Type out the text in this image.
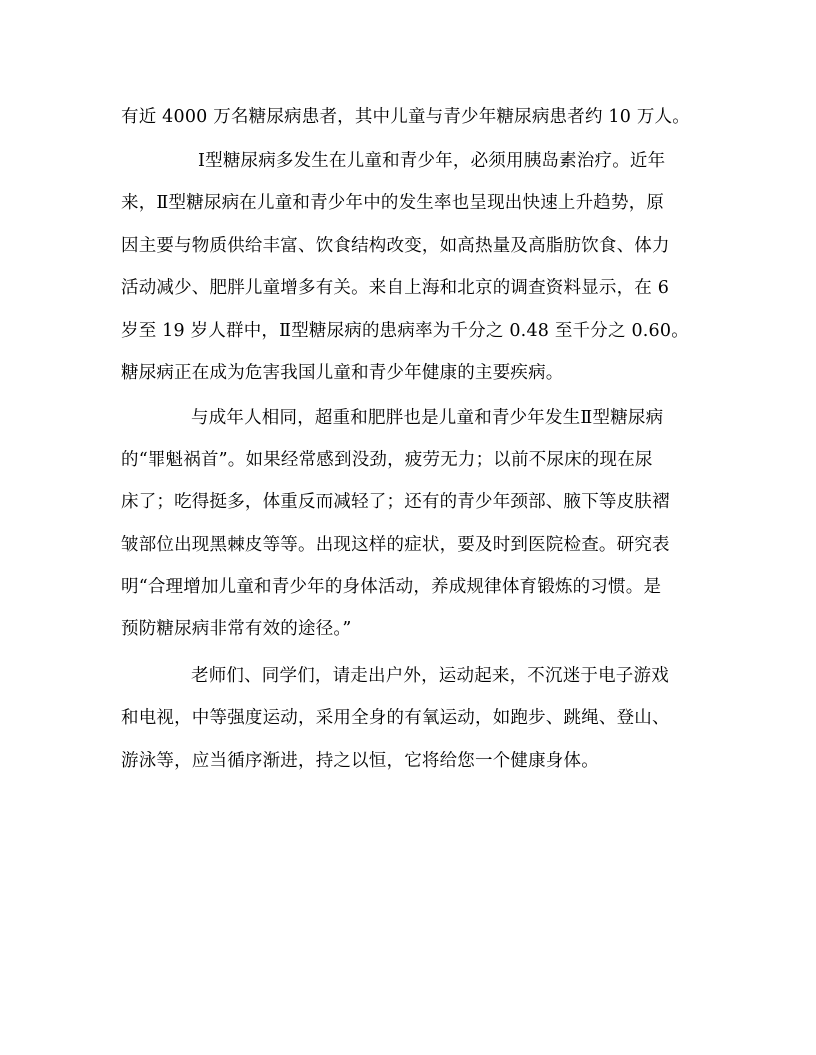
有近 4000 万名糖尿病患者，其中儿童与青少年糖尿病患者约 10 万人。
Ⅰ型糖尿病多发生在儿童和青少年，必须用胰岛素治疗。近年
来，Ⅱ型糖尿病在儿童和青少年中的发生率也呈现出快速上升趋势，原
因主要与物质供给丰富、饮食结构改变，如高热量及高脂肪饮食、体力
活动减少、肥胖儿童增多有关。来自上海和北京的调查资料显示，在 6
岁至 19 岁人群中，Ⅱ型糖尿病的患病率为千分之 0.48 至千分之 0.60。
糖尿病正在成为危害我国儿童和青少年健康的主要疾病。
与成年人相同，超重和肥胖也是儿童和青少年发生Ⅱ型糖尿病
的“罪魁祸首”。如果经常感到没劲，疲劳无力；以前不尿床的现在尿
床了；吃得挺多，体重反而减轻了；还有的青少年颈部、腋下等皮肤褶
皱部位出现黑棘皮等等。出现这样的症状，要及时到医院检查。研究表
明“合理增加儿童和青少年的身体活动，养成规律体育锻炼的习惯。是
预防糖尿病非常有效的途径。”
老师们、同学们，请走出户外，运动起来，不沉迷于电子游戏
和电视，中等强度运动，采用全身的有氧运动，如跑步、跳绳、登山、
游泳等，应当循序渐进，持之以恒，它将给您一个健康身体。
